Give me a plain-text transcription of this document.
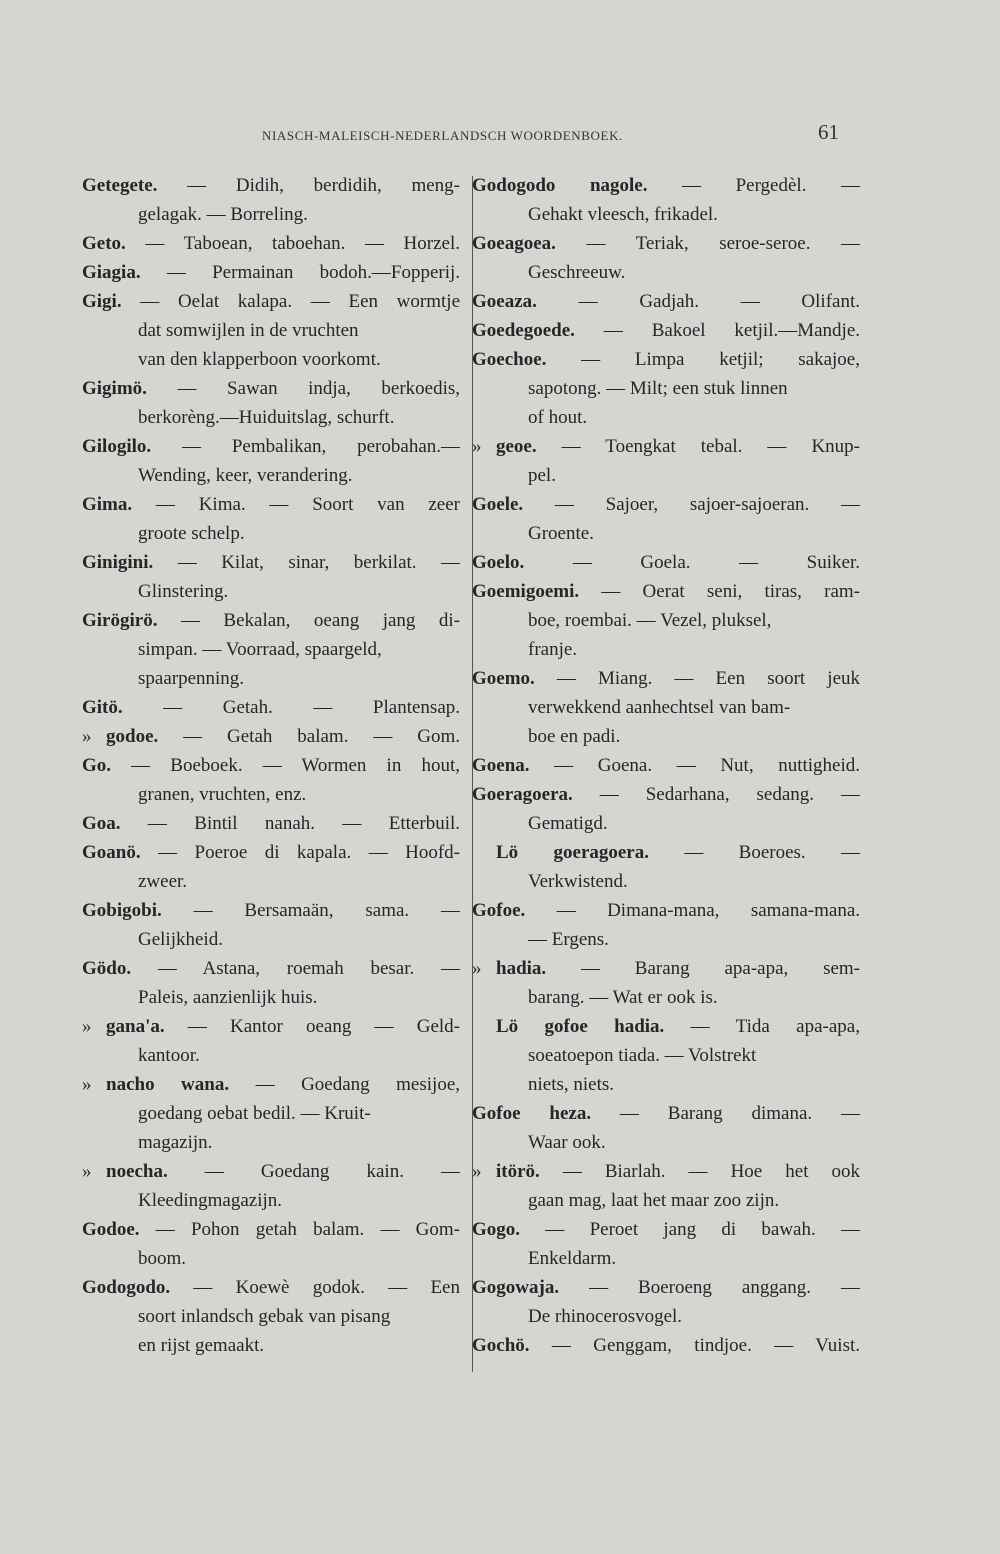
NIASCH-MALEISCH-NEDERLANDSCH WOORDENBOEK.	61
Getegete. — Didih, berdidih, meng-
gelagak. — Borreling.
Geto. — Taboean, taboehan. — Horzel.
Giagia. — Permainan bodoh.—Fopperij.
Gigi. — Oelat kalapa. — Een wormtje
dat somwijlen in de vruchten
van den klapperboon voorkomt.
Gigimö. — Sawan indja, berkoedis,
berkorèng.—Huiduitslag, schurft.
Gilogilo. — Pembalikan, perobahan.—
Wending, keer, verandering.
Gima. — Kima. — Soort van zeer
groote schelp.
Ginigini. — Kilat, sinar, berkilat. —
Glinstering.
Girögirö. — Bekalan, oeang jang di-
simpan. — Voorraad, spaargeld,
spaarpenning.
Gitö. — Getah. — Plantensap.
» godoe. — Getah balam. — Gom.
Go. — Boeboek. — Wormen in hout,
granen, vruchten, enz.
Goa. — Bintil nanah. — Etterbuil.
Goanö. — Poeroe di kapala. — Hoofd-
zweer.
Gobigobi. — Bersamaän, sama. —
Gelijkheid.
Gödo. — Astana, roemah besar. —
Paleis, aanzienlijk huis.
» gana'a. — Kantor oeang — Geld-
kantoor.
» nacho wana. — Goedang mesijoe,
goedang oebat bedil. — Kruit-
magazijn.
» noecha. — Goedang kain. —
Kleedingmagazijn.
Godoe. — Pohon getah balam. — Gom-
boom.
Godogodo. — Koewè godok. — Een
soort inlandsch gebak van pisang
en rijst gemaakt.
Godogodo nagole. — Pergedèl. —
Gehakt vleesch, frikadel.
Goeagoea. — Teriak, seroe-seroe. —
Geschreeuw.
Goeaza. — Gadjah. — Olifant.
Goedegoede. — Bakoel ketjil.—Mandje.
Goechoe. — Limpa ketjil; sakajoe,
sapotong. — Milt; een stuk linnen
of hout.
» geoe. — Toengkat tebal. — Knup-
pel.
Goele. — Sajoer, sajoer-sajoeran. —
Groente.
Goelo.	— Goela. — Suiker.
Goemigoemi. — Oerat seni, tiras, ram-
boe, roembai. — Vezel, pluksel,
franje.
Goemo. — Miang. — Een soort jeuk
verwekkend aanhechtsel van bam-
boe en padi.
Goena. — Goena. — Nut, nuttigheid.
Goeragoera. — Sedarhana, sedang. —
Gematigd.
Lö goeragoera. — Boeroes. —
Verkwistend.
Gofoe. — Dimana-mana, samana-mana.
— Ergens.
» hadia. — Barang apa-apa, sem-
barang. — Wat er ook is.
Lö gofoe hadia. — Tida apa-apa,
soeatoepon tiada. — Volstrekt
niets, niets.
Gofoe heza. — Barang dimana. —
Waar ook.
» itörö. — Biarlah. — Hoe het ook
gaan mag, laat het maar zoo zijn.
Gogo. — Peroet jang di bawah. —
Enkeldarm.
Gogowaja. — Boeroeng anggang. —
De rhinocerosvogel.
Gochö. — Genggam, tindjoe. — Vuist.
